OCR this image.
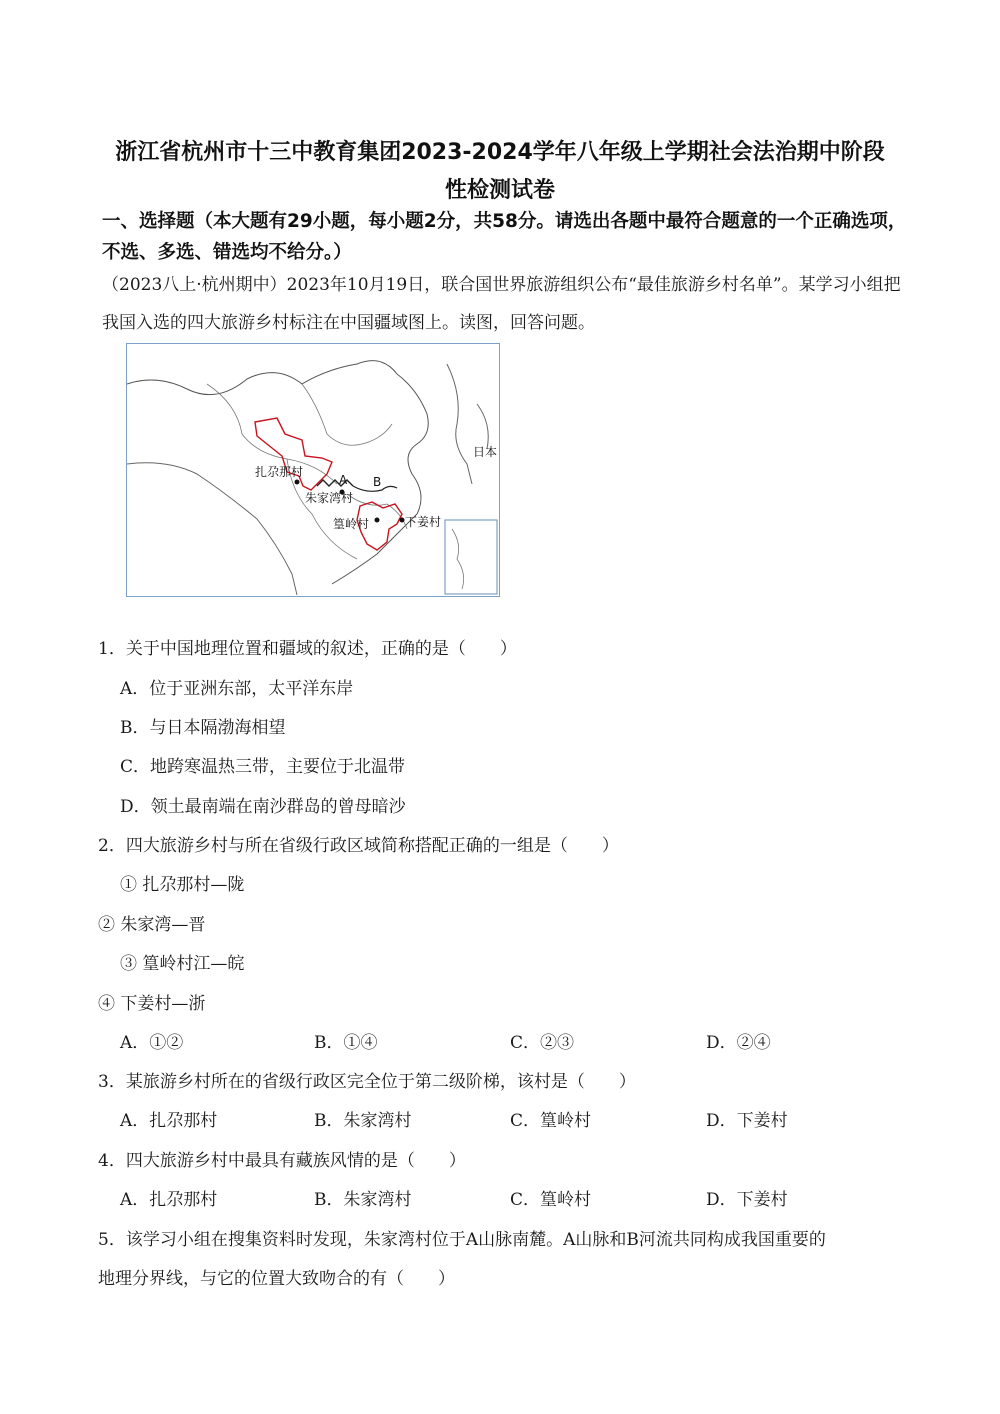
浙江省杭州市十三中教育集团2023-2024学年八年级上学期社会法治期中阶段
性检测试卷
一、选择题（本大题有29小题，每小题2分，共58分。请选出各题中最符合题意的一个正确选项，不选、多选、错选均不给分。）
（2023八上·杭州期中）2023年10月19日，联合国世界旅游组织公布“最佳旅游乡村名单”。某学习小组把我国入选的四大旅游乡村标注在中国疆域图上。读图，回答问题。
扎尕那村
朱家湾村
篁岭村	下姜村
日本
A B
1．关于中国地理位置和疆域的叙述，正确的是（　　）
A．位于亚洲东部，太平洋东岸
B．与日本隔渤海相望
C．地跨寒温热三带，主要位于北温带
D．领土最南端在南沙群岛的曾母暗沙
2．四大旅游乡村与所在省级行政区域简称搭配正确的一组是（　　）
① 扎尕那村—陇
② 朱家湾—晋
③ 篁岭村江—皖
④ 下姜村—浙
A．①②	B．①④	C．②③	D．②④
3．某旅游乡村所在的省级行政区完全位于第二级阶梯，该村是（　　）
A．扎尕那村	B．朱家湾村	C．篁岭村	D．下姜村
4．四大旅游乡村中最具有藏族风情的是（　　）
A．扎尕那村	B．朱家湾村	C．篁岭村	D．下姜村
5．该学习小组在搜集资料时发现，朱家湾村位于A山脉南麓。A山脉和B河流共同构成我国重要的
地理分界线，与它的位置大致吻合的有（　　）
